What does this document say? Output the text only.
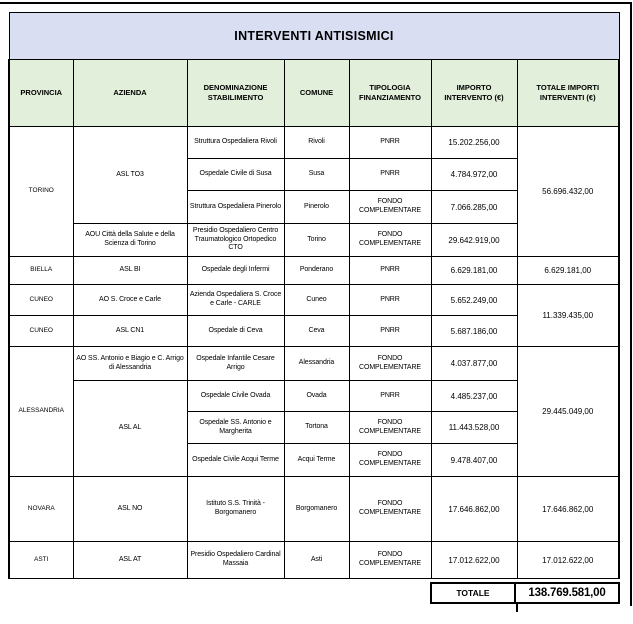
INTERVENTI ANTISISMICI						
PROVINCIA	AZIENDA	DENOMINAZIONE STABILIMENTO	COMUNE	TIPOLOGIA FINANZIAMENTO	IMPORTO INTERVENTO (€)	TOTALE IMPORTI INTERVENTI (€)
TORINO	ASL TO3	Struttura Ospedaliera Rivoli	Rivoli	PNRR	15.202.256,00	56.696.432,00
		Ospedale Civile di Susa	Susa	PNRR	4.784.972,00	
		Struttura Ospedaliera Pinerolo	Pinerolo	FONDO COMPLEMENTARE	7.066.285,00	
	AOU Città della Salute e della Scienza di Torino	Presidio Ospedaliero Centro Traumatologico Ortopedico CTO	Torino	FONDO COMPLEMENTARE	29.642.919,00	
BIELLA	ASL BI	Ospedale degli Infermi	Ponderano	PNRR	6.629.181,00	6.629.181,00
CUNEO	AO S. Croce e Carle	Azienda Ospedaliera S. Croce e Carle - CARLE	Cuneo	PNRR	5.652.249,00	11.339.435,00
CUNEO	ASL CN1	Ospedale di Ceva	Ceva	PNRR	5.687.186,00	
ALESSANDRIA	AO SS. Antonio e Biagio e C. Arrigo di Alessandria	Ospedale Infantile Cesare Arrigo	Alessandria	FONDO COMPLEMENTARE	4.037.877,00	29.445.049,00
	ASL AL	Ospedale Civile Ovada	Ovada	PNRR	4.485.237,00	
		Ospedale SS. Antonio e Margherita	Tortona	FONDO COMPLEMENTARE	11.443.528,00	
		Ospedale Civile Acqui Terme	Acqui Terme	FONDO COMPLEMENTARE	9.478.407,00	
NOVARA	ASL NO	Istituto S.S. Trinità - Borgomanero	Borgomanero	FONDO COMPLEMENTARE	17.646.862,00	17.646.862,00
ASTI	ASL AT	Presidio Ospedaliero Cardinal Massaia	Asti	FONDO COMPLEMENTARE	17.012.622,00	17.012.622,00
TOTALE	138.769.581,00
